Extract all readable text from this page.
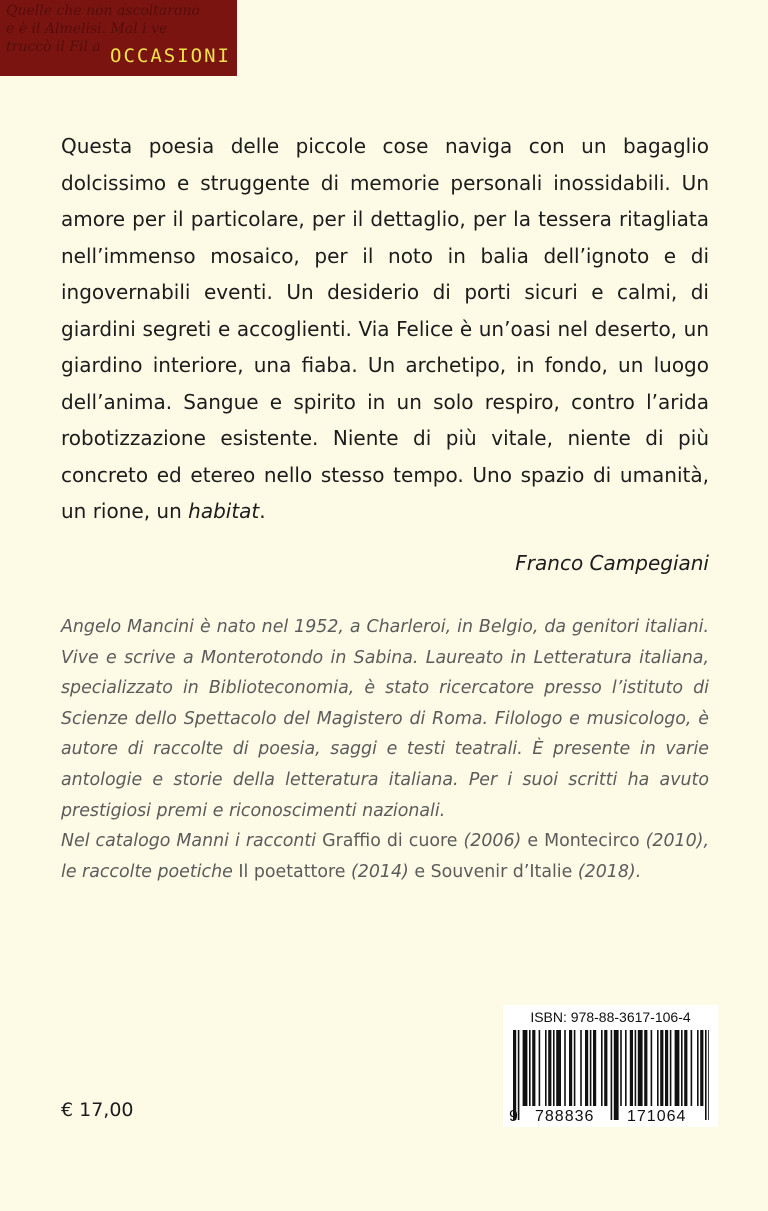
Quelle che non ascoltarono
e è il Almelisi. Mal i ve
truccò il Fil a OCCASIONI

Questa poesia delle piccole cose naviga con un bagaglio dolcissimo e struggente di memorie personali inossidabili. Un amore per il particolare, per il dettaglio, per la tessera ritagliata nell’immenso mosaico, per il noto in balia dell’ignoto e di ingovernabili eventi. Un desiderio di porti sicuri e calmi, di giardini segreti e accoglienti. Via Felice è un’oasi nel deserto, un giardino interiore, una fiaba. Un archetipo, in fondo, un luogo dell’anima. Sangue e spirito in un solo respiro, contro l’arida robotizzazione esistente. Niente di più vitale, niente di più concreto ed etereo nello stesso tempo. Uno spazio di umanità, un rione, un habitat.

Franco Campegiani

Angelo Mancini è nato nel 1952, a Charleroi, in Belgio, da genitori italiani. Vive e scrive a Monterotondo in Sabina. Laureato in Letteratura italiana, specializzato in Biblioteconomia, è stato ricercatore presso l’istituto di Scienze dello Spettacolo del Magistero di Roma. Filologo e musicologo, è autore di raccolte di poesia, saggi e testi teatrali. È presente in varie antologie e storie della letteratura italiana. Per i suoi scritti ha avuto prestigiosi premi e riconoscimenti nazionali.

Nel catalogo Manni i racconti Graffio di cuore (2006) e Montecirco (2010), le raccolte poetiche Il poetattore (2014) e Souvenir d’Italie (2018).

ISBN: 978-88-3617-106-4
9 788836 171064
€ 17,00
